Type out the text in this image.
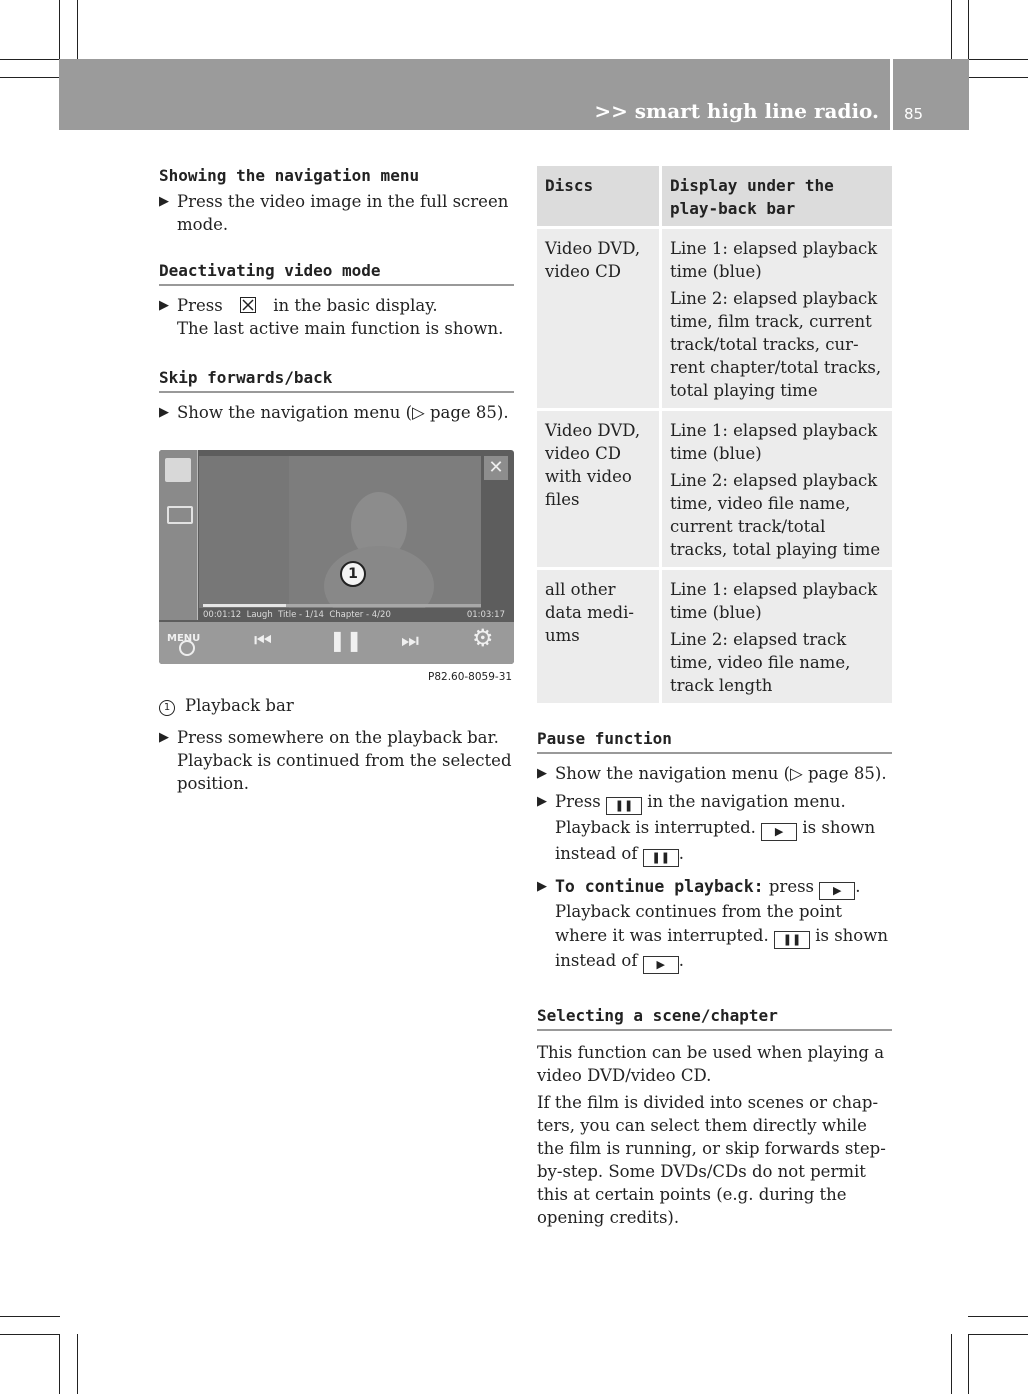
>> smart high line radio. 85
Showing the navigation menu
▶ Press the video image in the full screen mode.
Deactivating video mode
▶ Press	in the basic display.
The last active main function is shown.
Skip forwards/back
▶ Show the navigation menu (▷ page 85).
✕
1
00:01:12 Laugh Title - 1/14 Chapter - 4/20	01:03:17
MENU	⏮	❚❚ ⏭ ⚙
P82.60-8059-31
1 Playback bar
▶ Press somewhere on the playback bar.
Playback is continued from the selected position.
Discs	Display under the play-back bar
Video DVD, video CD	Line 1: elapsed playback time (blue)
Line 2: elapsed playback time, film track, current track/total tracks, cur-rent chapter/total tracks, total playing time

Video DVD, video CD with video files	Line 1: elapsed playback time (blue)
Line 2: elapsed playback time, video file name, current track/total tracks, total playing time

all other data medi-ums	Line 1: elapsed playback time (blue)
Line 2: elapsed track time, video file name, track length
Pause function
▶ Show the navigation menu (▷ page 85).
▶ Press ❚❚ in the navigation menu.
Playback is interrupted. ▶ is shown
instead of ❚❚ .
▶ To continue playback: press ▶ .
Playback continues from the point where it was interrupted. ❚❚ is shown
instead of ▶ .
Selecting a scene/chapter
This function can be used when playing a video DVD/video CD.
If the film is divided into scenes or chap-ters, you can select them directly while the film is running, or skip forwards step-by-step. Some DVDs/CDs do not permit this at certain points (e.g. during the opening credits).
